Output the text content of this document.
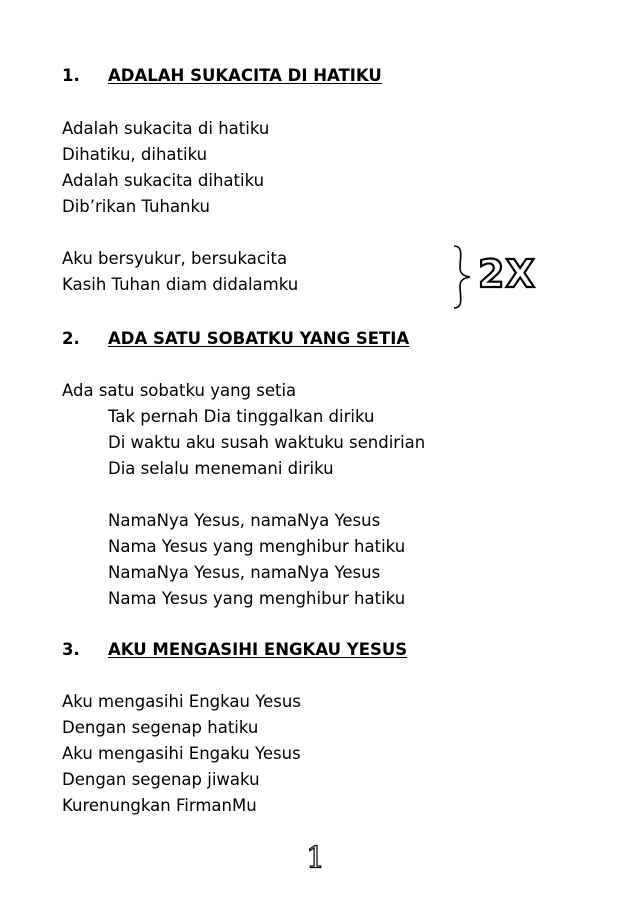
1. ADALAH SUKACITA DI HATIKU
Adalah sukacita di hatiku
Dihatiku, dihatiku
Adalah sukacita dihatiku
Dib’rikan Tuhanku
Aku bersyukur, bersukacita
Kasih Tuhan diam didalamku	2X
2. ADA SATU SOBATKU YANG SETIA
Ada satu sobatku yang setia
Tak pernah Dia tinggalkan diriku
Di waktu aku susah waktuku sendirian
Dia selalu menemani diriku
NamaNya Yesus, namaNya Yesus
Nama Yesus yang menghibur hatiku
NamaNya Yesus, namaNya Yesus
Nama Yesus yang menghibur hatiku
3. AKU MENGASIHI ENGKAU YESUS
Aku mengasihi Engkau Yesus
Dengan segenap hatiku
Aku mengasihi Engaku Yesus
Dengan segenap jiwaku
Kurenungkan FirmanMu
1
